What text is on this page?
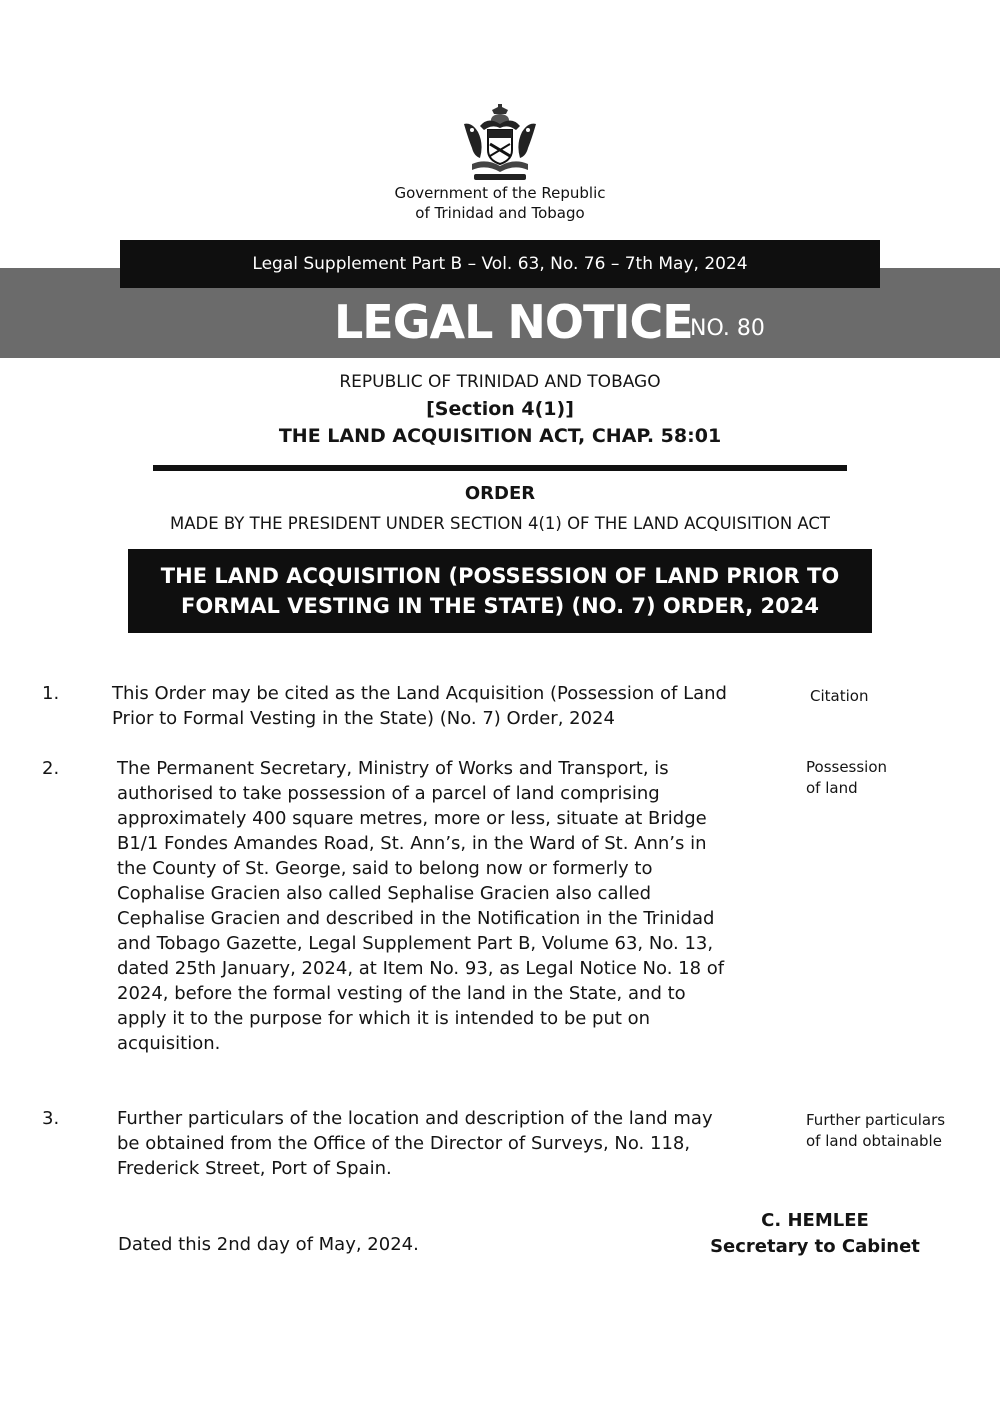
Government of the Republic
of Trinidad and Tobago
Legal Supplement Part B – Vol. 63, No. 76 – 7th May, 2024
LEGAL NOTICE
NO. 80
REPUBLIC OF TRINIDAD AND TOBAGO
[Section 4(1)]
THE LAND ACQUISITION ACT, CHAP. 58:01
ORDER
MADE BY THE PRESIDENT UNDER SECTION 4(1) OF THE LAND ACQUISITION ACT
THE LAND ACQUISITION (POSSESSION OF LAND PRIOR TO
FORMAL VESTING IN THE STATE) (NO. 7) ORDER, 2024
1.	This Order may be cited as the Land Acquisition (Possession of Land
Prior to Formal Vesting in the State) (No. 7) Order, 2024
Citation
2.	The Permanent Secretary, Ministry of Works and Transport, is
authorised to take possession of a parcel of land comprising
approximately 400 square metres, more or less, situate at Bridge
B1/1 Fondes Amandes Road, St. Ann’s, in the Ward of St. Ann’s in
the County of St. George, said to belong now or formerly to
Cophalise Gracien also called Sephalise Gracien also called
Cephalise Gracien and described in the Notification in the Trinidad
and Tobago Gazette, Legal Supplement Part B, Volume 63, No. 13,
dated 25th January, 2024, at Item No. 93, as Legal Notice No. 18 of
2024, before the formal vesting of the land in the State, and to
apply it to the purpose for which it is intended to be put on
acquisition.
Possession
of land
3.	Further particulars of the location and description of the land may
be obtained from the Office of the Director of Surveys, No. 118,
Frederick Street, Port of Spain.
Further particulars
of land obtainable
Dated this 2nd day of May, 2024.
C. HEMLEE
Secretary to Cabinet
